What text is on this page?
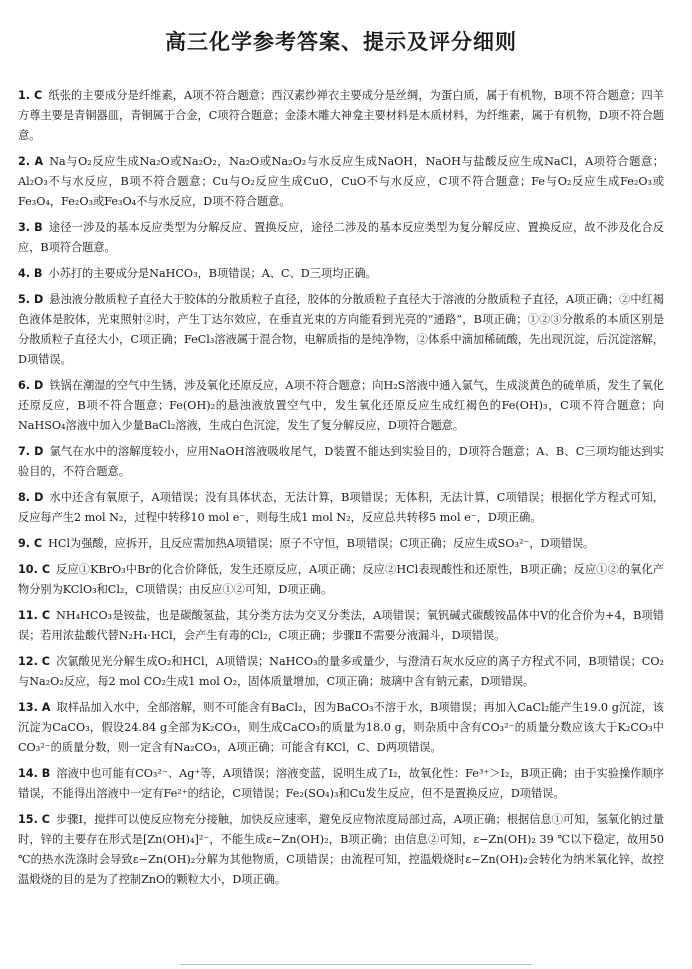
高三化学参考答案、提示及评分细则
1. C 纸张的主要成分是纤维素，A项不符合题意；西汉素纱禅衣主要成分是丝绸，为蛋白质，属于有机物，B项不符合题意；四羊方尊主要是青铜器皿，青铜属于合金，C项符合题意；金漆木雕大神龛主要材料是木质材料，为纤维素，属于有机物，D项不符合题意。
2. A Na与O₂反应生成Na₂O或Na₂O₂，Na₂O或Na₂O₂与水反应生成NaOH，NaOH与盐酸反应生成NaCl，A项符合题意；Al₂O₃不与水反应，B项不符合题意；Cu与O₂反应生成CuO，CuO不与水反应，C项不符合题意；Fe与O₂反应生成Fe₂O₃或Fe₃O₄，Fe₂O₃或Fe₃O₄不与水反应，D项不符合题意。
3. B 途径一涉及的基本反应类型为分解反应、置换反应，途径二涉及的基本反应类型为复分解反应、置换反应，故不涉及化合反应，B项符合题意。
4. B 小苏打的主要成分是NaHCO₃，B项错误；A、C、D三项均正确。
5. D 悬浊液分散质粒子直径大于胶体的分散质粒子直径，胶体的分散质粒子直径大于溶液的分散质粒子直径，A项正确；②中红褐色液体是胶体，光束照射②时，产生丁达尔效应，在垂直光束的方向能看到光亮的“通路”，B项正确；①②③分散系的本质区别是分散质粒子直径大小，C项正确；FeCl₃溶液属于混合物，电解质指的是纯净物，②体系中滴加稀硫酸，先出现沉淀，后沉淀溶解，D项错误。
6. D 铁锅在潮湿的空气中生锈，涉及氧化还原反应，A项不符合题意；向H₂S溶液中通入氯气，生成淡黄色的硫单质，发生了氧化还原反应，B项不符合题意；Fe(OH)₂的悬浊液放置空气中，发生氧化还原反应生成红褐色的Fe(OH)₃，C项不符合题意；向NaHSO₄溶液中加入少量BaCl₂溶液，生成白色沉淀，发生了复分解反应，D项符合题意。
7. D 氯气在水中的溶解度较小，应用NaOH溶液吸收尾气，D装置不能达到实验目的，D项符合题意；A、B、C三项均能达到实验目的，不符合题意。
8. D 水中还含有氧原子，A项错误；没有具体状态，无法计算，B项错误；无体积，无法计算，C项错误；根据化学方程式可知，反应每产生2 mol N₂，过程中转移10 mol e⁻，则每生成1 mol N₂，反应总共转移5 mol e⁻，D项正确。
9. C HCl为强酸，应拆开，且反应需加热A项错误；原子不守恒，B项错误；C项正确；反应生成SO₃²⁻，D项错误。
10. C 反应①KBrO₃中Br的化合价降低，发生还原反应，A项正确；反应②HCl表现酸性和还原性，B项正确；反应①②的氧化产物分别为KClO₃和Cl₂，C项错误；由反应①②可知，D项正确。
11. C NH₄HCO₃是铵盐，也是碳酸氢盐，其分类方法为交叉分类法，A项错误；氧钒碱式碳酸铵晶体中V的化合价为+4，B项错误；若用浓盐酸代替N₂H₄·HCl，会产生有毒的Cl₂，C项正确；步骤Ⅱ不需要分液漏斗，D项错误。
12. C 次氯酸见光分解生成O₂和HCl，A项错误；NaHCO₃的量多或量少，与澄清石灰水反应的离子方程式不同，B项错误；CO₂与Na₂O₂反应，每2 mol CO₂生成1 mol O₂，固体质量增加，C项正确；玻璃中含有钠元素，D项错误。
13. A 取样品加入水中，全部溶解，则不可能含有BaCl₂，因为BaCO₃不溶于水，B项错误；再加入CaCl₂能产生19.0 g沉淀，该沉淀为CaCO₃，假设24.84 g全部为K₂CO₃，则生成CaCO₃的质量为18.0 g，则杂质中含有CO₃²⁻的质量分数应该大于K₂CO₃中CO₃²⁻的质量分数，则一定含有Na₂CO₃，A项正确；可能含有KCl，C、D两项错误。
14. B 溶液中也可能有CO₃²⁻、Ag⁺等，A项错误；溶液变蓝，说明生成了I₂，故氧化性：Fe³⁺＞I₂，B项正确；由于实验操作顺序错误，不能得出溶液中一定有Fe²⁺的结论，C项错误；Fe₂(SO₄)₃和Cu发生反应，但不是置换反应，D项错误。
15. C 步骤Ⅰ，搅拌可以使反应物充分接触，加快反应速率，避免反应物浓度局部过高，A项正确；根据信息①可知，氢氧化钠过量时，锌的主要存在形式是[Zn(OH)₄]²⁻，不能生成ε−Zn(OH)₂，B项正确；由信息②可知，ε−Zn(OH)₂ 39 ℃以下稳定，故用50 ℃的热水洗涤时会导致ε−Zn(OH)₂分解为其他物质，C项错误；由流程可知，控温煅烧时ε−Zn(OH)₂会转化为纳米氧化锌，故控温煅烧的目的是为了控制ZnO的颗粒大小，D项正确。
